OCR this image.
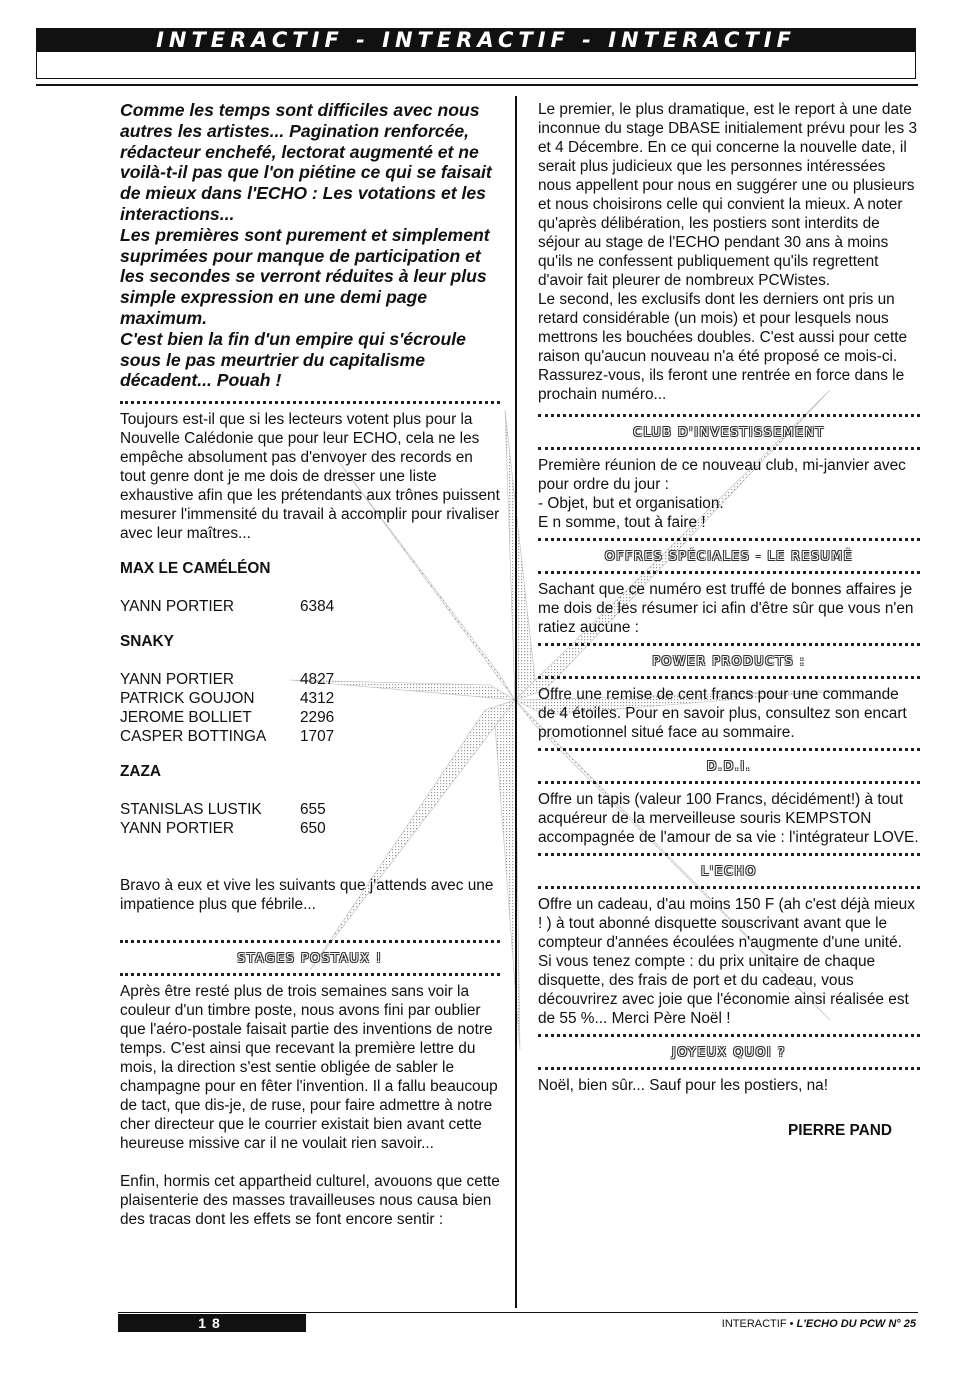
INTERACTIF - INTERACTIF - INTERACTIF

Comme les temps sont difficiles avec nous autres les artistes... Pagination renforcée, rédacteur enchefé, lectorat augmenté et ne voilà-t-il pas que l'on piétine ce qui se faisait de mieux dans l'ECHO : Les votations et les interactions...

Les premières sont purement et simplement suprimées pour manque de participation et les secondes se verront réduites à leur plus simple expression en une demi page maximum.

C'est bien la fin d'un empire qui s'écroule sous le pas meurtrier du capitalisme décadent... Pouah !

Toujours est-il que si les lecteurs votent plus pour la Nouvelle Calédonie que pour leur ECHO, cela ne les empêche absolument pas d'envoyer des records en tout genre dont je me dois de dresser une liste exhaustive afin que les prétendants aux trônes puissent mesurer l'immensité du travail à accomplir pour rivaliser avec leur maîtres...

MAX LE CAMÉLÉON
YANN PORTIER	6384
SNAKY
YANN PORTIER	4827
PATRICK GOUJON	4312
JEROME BOLLIET	2296
CASPER BOTTINGA	1707
ZAZA
STANISLAS LUSTIK	655
YANN PORTIER	650

Bravo à eux et vive les suivants que j'attends avec une impatience plus que fébrile...

STAGES POSTAUX !

Après être resté plus de trois semaines sans voir la couleur d'un timbre poste, nous avons fini par oublier que l'aéro-postale faisait partie des inventions de notre temps. C'est ainsi que recevant la première lettre du mois, la direction s'est sentie obligée de sabler le champagne pour en fêter l'invention. Il a fallu beaucoup de tact, que dis-je, de ruse, pour faire admettre à notre cher directeur que le courrier existait bien avant cette heureuse missive car il ne voulait rien savoir...

Enfin, hormis cet appartheid culturel, avouons que cette plaisenterie des masses travailleuses nous causa bien des tracas dont les effets se font encore sentir :

Le premier, le plus dramatique, est le report à une date inconnue du stage DBASE initialement prévu pour les 3 et 4 Décembre. En ce qui concerne la nouvelle date, il serait plus judicieux que les personnes intéressées nous appellent pour nous en suggérer une ou plusieurs et nous choisirons celle qui convient la mieux. A noter qu'après délibération, les postiers sont interdits de séjour au stage de l'ECHO pendant 30 ans à moins qu'ils ne confessent publiquement qu'ils regrettent d'avoir fait pleurer de nombreux PCWistes.

Le second, les exclusifs dont les derniers ont pris un retard considérable (un mois) et pour lesquels nous mettrons les bouchées doubles. C'est aussi pour cette raison qu'aucun nouveau n'a été proposé ce mois-ci. Rassurez-vous, ils feront une rentrée en force dans le prochain numéro...

CLUB D'INVESTISSEMENT

Première réunion de ce nouveau club, mi-janvier avec pour ordre du jour :

- Objet, but et organisation.

E n somme, tout à faire !

OFFRES SPÉCIALES - LE RESUMÉ

Sachant que ce numéro est truffé de bonnes affaires je me dois de les résumer ici afin d'être sûr que vous n'en ratiez aucune :

POWER PRODUCTS :

Offre une remise de cent francs pour une commande de 4 étoiles. Pour en savoir plus, consultez son encart promotionnel situé face au sommaire.

D.D.I.

Offre un tapis (valeur 100 Francs, décidément!) à tout acquéreur de la merveilleuse souris KEMPSTON accompagnée de l'amour de sa vie : l'intégrateur LOVE.

L'ECHO

Offre un cadeau, d'au moins 150 F (ah c'est déjà mieux ! ) à tout abonné disquette souscrivant avant que le compteur d'années écoulées n'augmente d'une unité.

Si vous tenez compte : du prix unitaire de chaque disquette, des frais de port et du cadeau, vous découvrirez avec joie que l'économie ainsi réalisée est de 55 %... Merci Père Noël !

JOYEUX QUOI ?

Noël, bien sûr... Sauf pour les postiers, na!

PIERRE PAND
18	INTERACTIF • L'ECHO DU PCW N° 25
